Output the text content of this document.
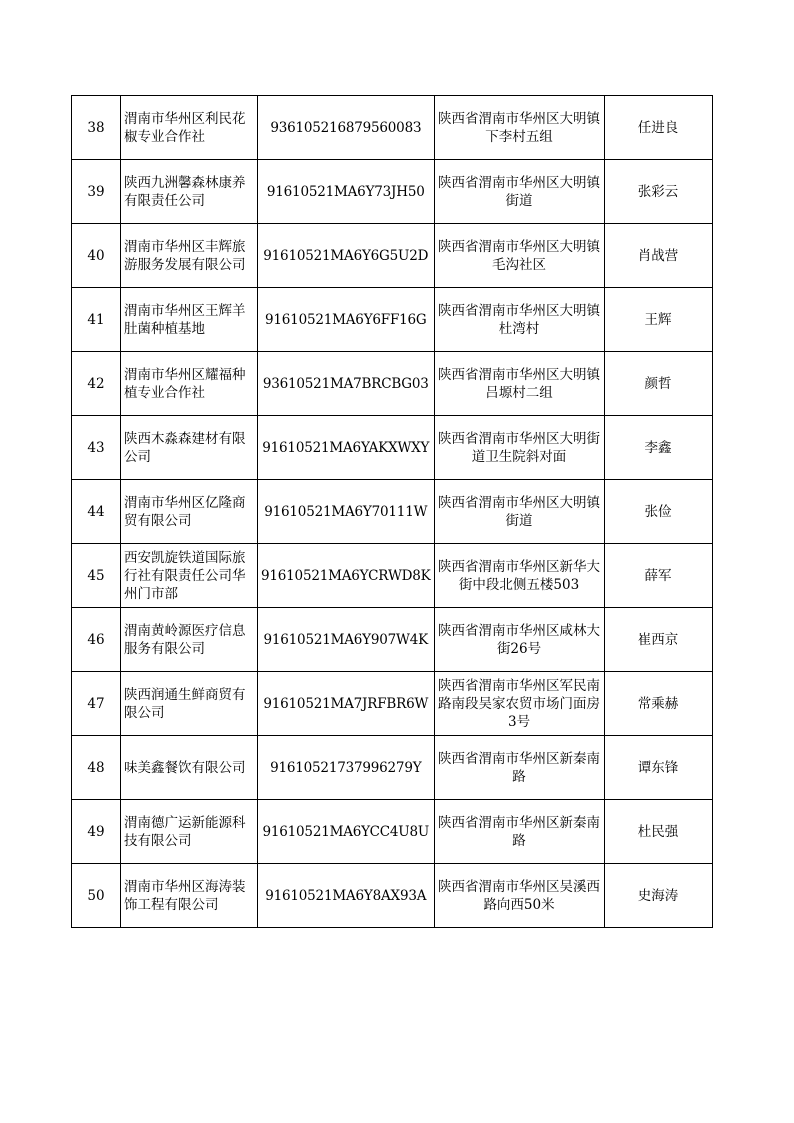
38	渭南市华州区利民花椒专业合作社	93610521687956008З	陕西省渭南市华州区大明镇下李村五组	任进良
39	陕西九洲馨森林康养有限责任公司	91610521MA6Y73JH50	陕西省渭南市华州区大明镇街道	张彩云
40	渭南市华州区丰辉旅游服务发展有限公司	91610521MA6Y6G5U2D	陕西省渭南市华州区大明镇毛沟社区	肖战营
41	渭南市华州区王辉羊肚菌种植基地	91610521MA6Y6FF16G	陕西省渭南市华州区大明镇杜湾村	王辉
42	渭南市华州区耀福种植专业合作社	93610521MA7BRCBG03	陕西省渭南市华州区大明镇吕塬村二组	颜哲
43	陕西木淼森建材有限公司	91610521MA6YAKXWXY	陕西省渭南市华州区大明街道卫生院斜对面	李鑫
44	渭南市华州区亿隆商贸有限公司	91610521MA6Y70111W	陕西省渭南市华州区大明镇街道	张俭
45	西安凯旋铁道国际旅行社有限责任公司华州门市部	91610521MA6YCRWD8K	陕西省渭南市华州区新华大街中段北侧五楼503	薛军
46	渭南黄岭源医疗信息服务有限公司	91610521MA6Y907W4K	陕西省渭南市华州区咸林大街26号	崔西京
47	陕西润通生鲜商贸有限公司	91610521MA7JRFBR6W	陕西省渭南市华州区军民南路南段吴家农贸市场门面房3号	常乘赫
48	味美鑫餐饮有限公司	91610521737996279Y	陕西省渭南市华州区新秦南路	谭东锋
49	渭南德广运新能源科技有限公司	91610521MA6YCC4U8U	陕西省渭南市华州区新秦南路	杜民强
50	渭南市华州区海涛装饰工程有限公司	91610521MA6Y8AX93A	陕西省渭南市华州区吴溪西路向西50米	史海涛
